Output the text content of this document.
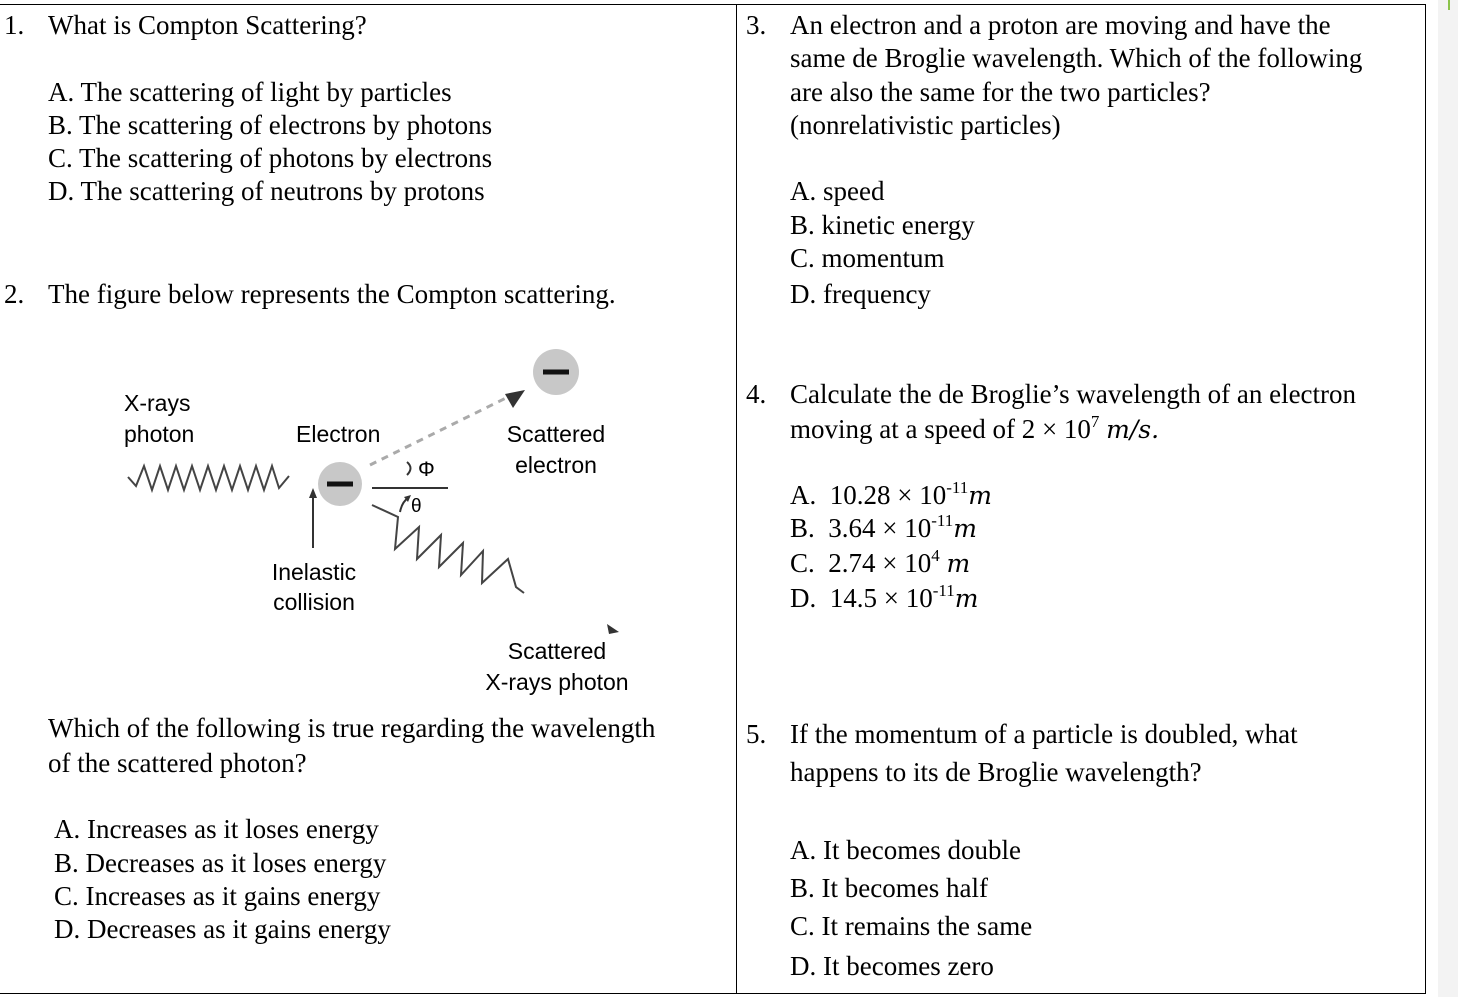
1. What is Compton Scattering?
A. The scattering of light by particles
B. The scattering of electrons by photons
C. The scattering of photons by electrons
D. The scattering of neutrons by protons
2. The figure below represents the Compton scattering.
X-rays
photon	Electron	Scattered
electron
Φ
θ
Inelastic
collision
Scattered
X-rays photon
Which of the following is true regarding the wavelength
of the scattered photon?
A. Increases as it loses energy
B. Decreases as it loses energy
C. Increases as it gains energy
D. Decreases as it gains energy
3. An electron and a proton are moving and have the
same de Broglie wavelength. Which of the following
are also the same for the two particles?
(nonrelativistic particles)
A. speed
B. kinetic energy
C. momentum
D. frequency
4. Calculate the de Broglie’s wavelength of an electron
moving at a speed of $2 \times 10^7$ m/s.
A. $10.28 \times 10^{-11}m$
B. $3.64 \times 10^{-11}m$
C. $2.74 \times 10^4$ m
D. $14.5 \times 10^{-11}m$
5. If the momentum of a particle is doubled, what
happens to its de Broglie wavelength?
A. It becomes double
B. It becomes half
C. It remains the same
D. It becomes zero
